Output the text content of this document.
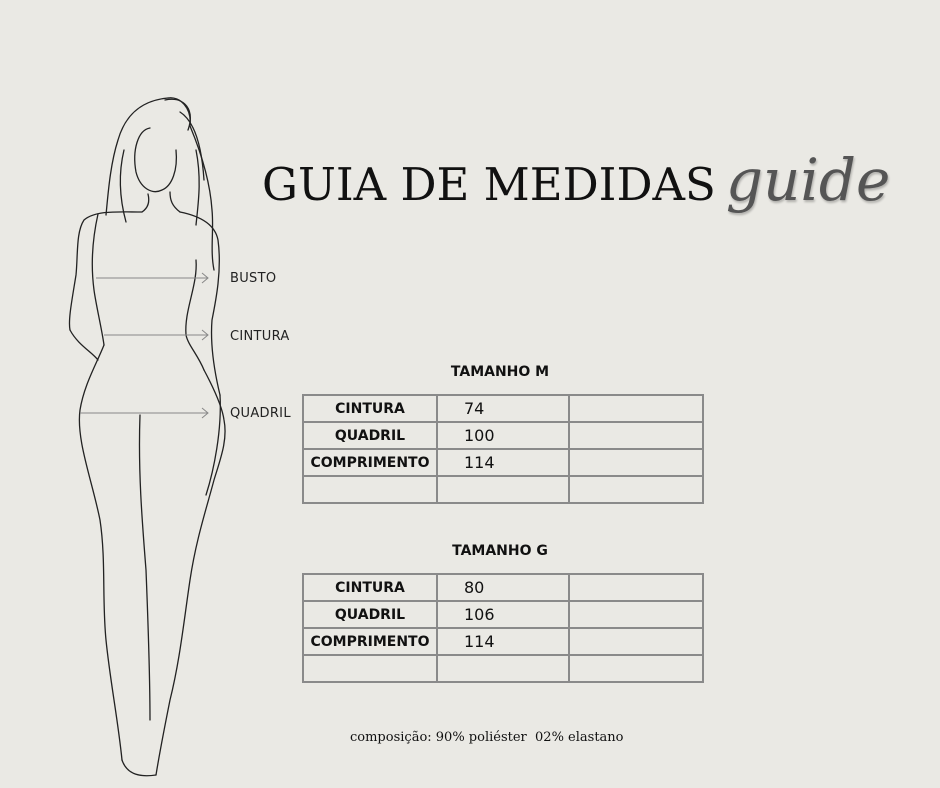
GUIA DE MEDIDAS guide
BUSTO
CINTURA
QUADRIL
TAMANHO M
CINTURA	74	
QUADRIL	100	
COMPRIMENTO	114	

TAMANHO G
CINTURA	80	
QUADRIL	106	
COMPRIMENTO	114	

composição: 90% poliéster  02% elastano
